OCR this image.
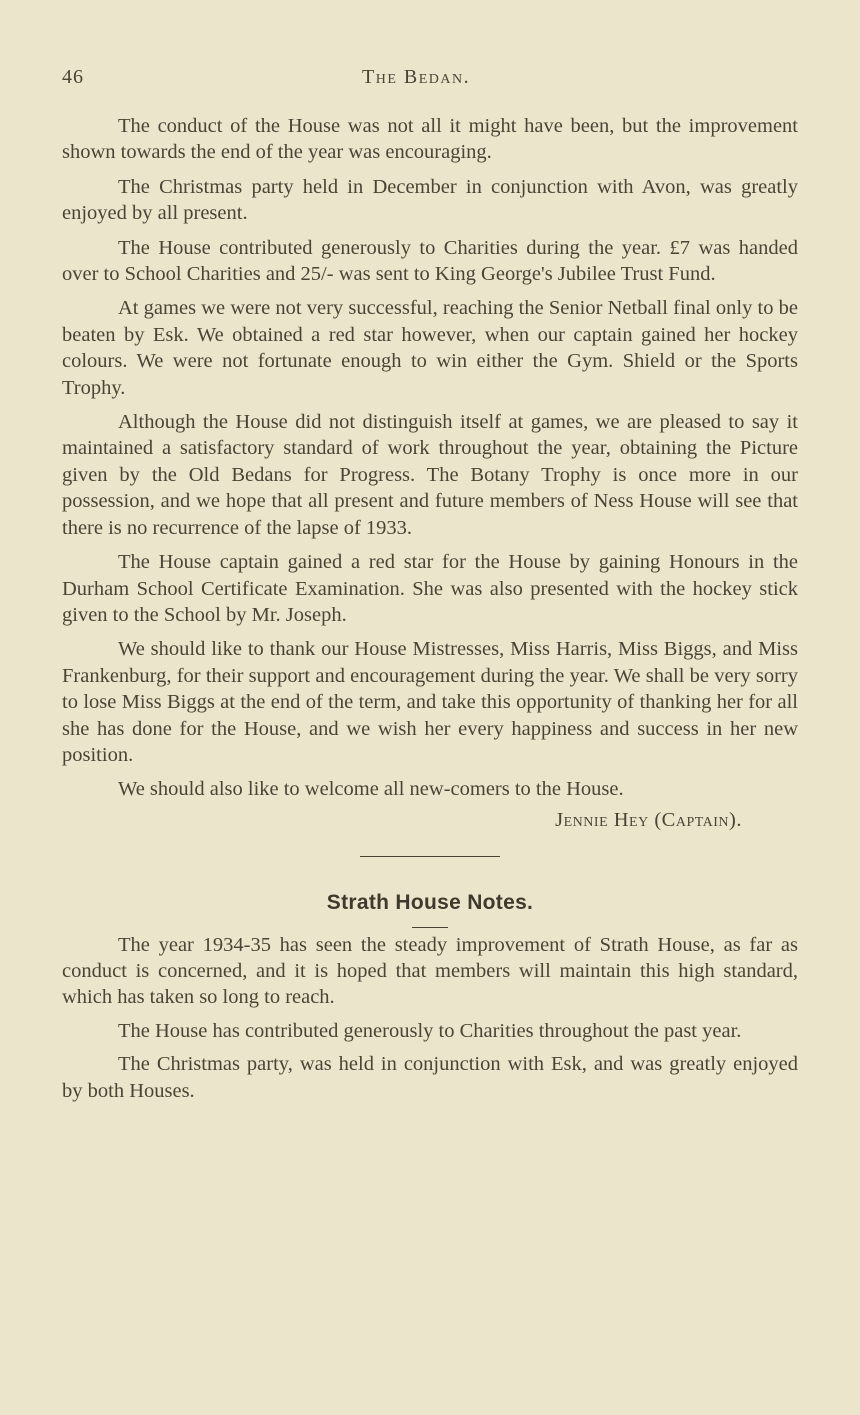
46	The Bedan.

The conduct of the House was not all it might have been, but the improvement shown towards the end of the year was encouraging.

The Christmas party held in December in conjunction with Avon, was greatly enjoyed by all present.

The House contributed generously to Charities during the year. £7 was handed over to School Charities and 25/- was sent to King George's Jubilee Trust Fund.

At games we were not very successful, reaching the Senior Netball final only to be beaten by Esk. We obtained a red star however, when our captain gained her hockey colours. We were not fortunate enough to win either the Gym. Shield or the Sports Trophy.

Although the House did not distinguish itself at games, we are pleased to say it maintained a satisfactory standard of work throughout the year, obtaining the Picture given by the Old Bedans for Progress. The Botany Trophy is once more in our possession, and we hope that all present and future members of Ness House will see that there is no recurrence of the lapse of 1933.

The House captain gained a red star for the House by gaining Honours in the Durham School Certificate Examination. She was also presented with the hockey stick given to the School by Mr. Joseph.

We should like to thank our House Mistresses, Miss Harris, Miss Biggs, and Miss Frankenburg, for their support and encouragement during the year. We shall be very sorry to lose Miss Biggs at the end of the term, and take this opportunity of thanking her for all she has done for the House, and we wish her every happiness and success in her new position.

We should also like to welcome all new-comers to the House.

Jennie Hey (Captain).

Strath House Notes.

The year 1934-35 has seen the steady improvement of Strath House, as far as conduct is concerned, and it is hoped that members will maintain this high standard, which has taken so long to reach.

The House has contributed generously to Charities throughout the past year.

The Christmas party, was held in conjunction with Esk, and was greatly enjoyed by both Houses.
